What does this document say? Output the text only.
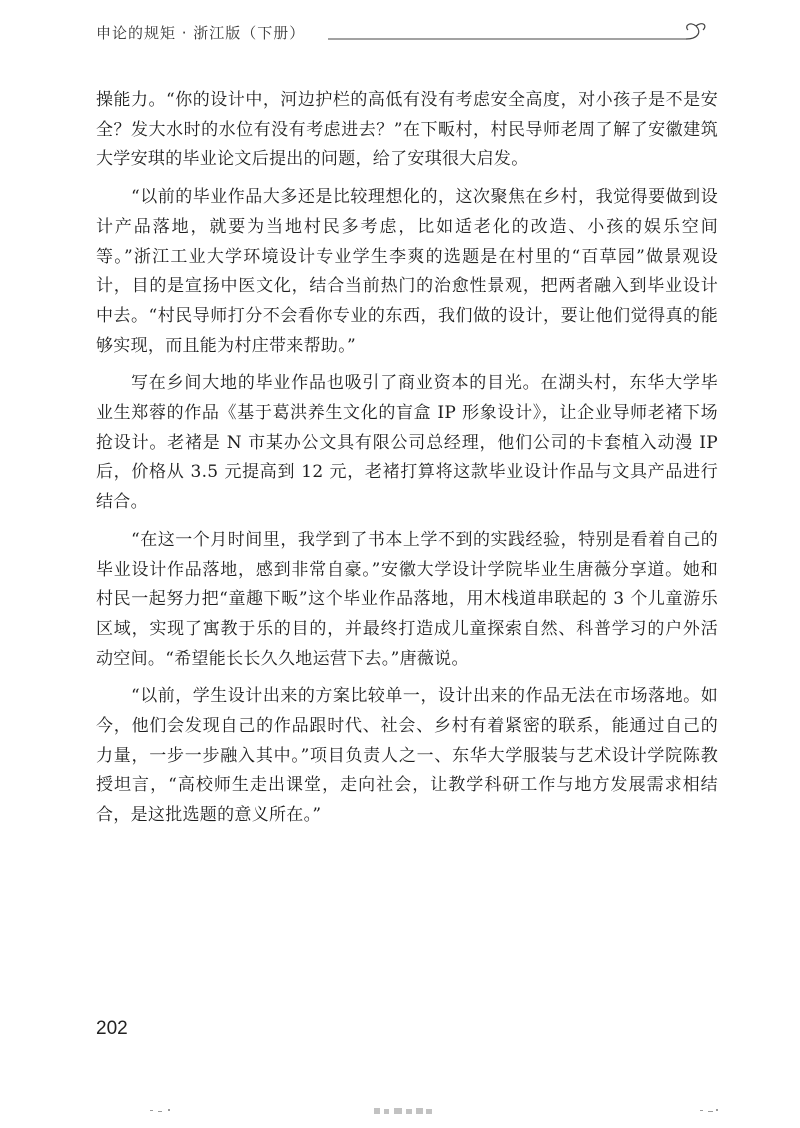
申论的规矩 · 浙江版（下册）

操能力。“你的设计中，河边护栏的高低有没有考虑安全高度，对小孩子是不是安全？发大水时的水位有没有考虑进去？”在下畈村，村民导师老周了解了安徽建筑大学安琪的毕业论文后提出的问题，给了安琪很大启发。

“以前的毕业作品大多还是比较理想化的，这次聚焦在乡村，我觉得要做到设计产品落地，就要为当地村民多考虑，比如适老化的改造、小孩的娱乐空间等。”浙江工业大学环境设计专业学生李爽的选题是在村里的“百草园”做景观设计，目的是宣扬中医文化，结合当前热门的治愈性景观，把两者融入到毕业设计中去。“村民导师打分不会看你专业的东西，我们做的设计，要让他们觉得真的能够实现，而且能为村庄带来帮助。”

写在乡间大地的毕业作品也吸引了商业资本的目光。在湖头村，东华大学毕业生郑蓉的作品《基于葛洪养生文化的盲盒 IP 形象设计》，让企业导师老褚下场抢设计。老褚是 N 市某办公文具有限公司总经理，他们公司的卡套植入动漫 IP 后，价格从 3.5 元提高到 12 元，老褚打算将这款毕业设计作品与文具产品进行结合。

“在这一个月时间里，我学到了书本上学不到的实践经验，特别是看着自己的毕业设计作品落地，感到非常自豪。”安徽大学设计学院毕业生唐薇分享道。她和村民一起努力把“童趣下畈”这个毕业作品落地，用木栈道串联起的 3 个儿童游乐区域，实现了寓教于乐的目的，并最终打造成儿童探索自然、科普学习的户外活动空间。“希望能长长久久地运营下去。”唐薇说。

“以前，学生设计出来的方案比较单一，设计出来的作品无法在市场落地。如今，他们会发现自己的作品跟时代、社会、乡村有着紧密的联系，能通过自己的力量，一步一步融入其中。”项目负责人之一、东华大学服装与艺术设计学院陈教授坦言，“高校师生走出课堂，走向社会，让教学科研工作与地方发展需求相结合，是这批选题的意义所在。”

202
